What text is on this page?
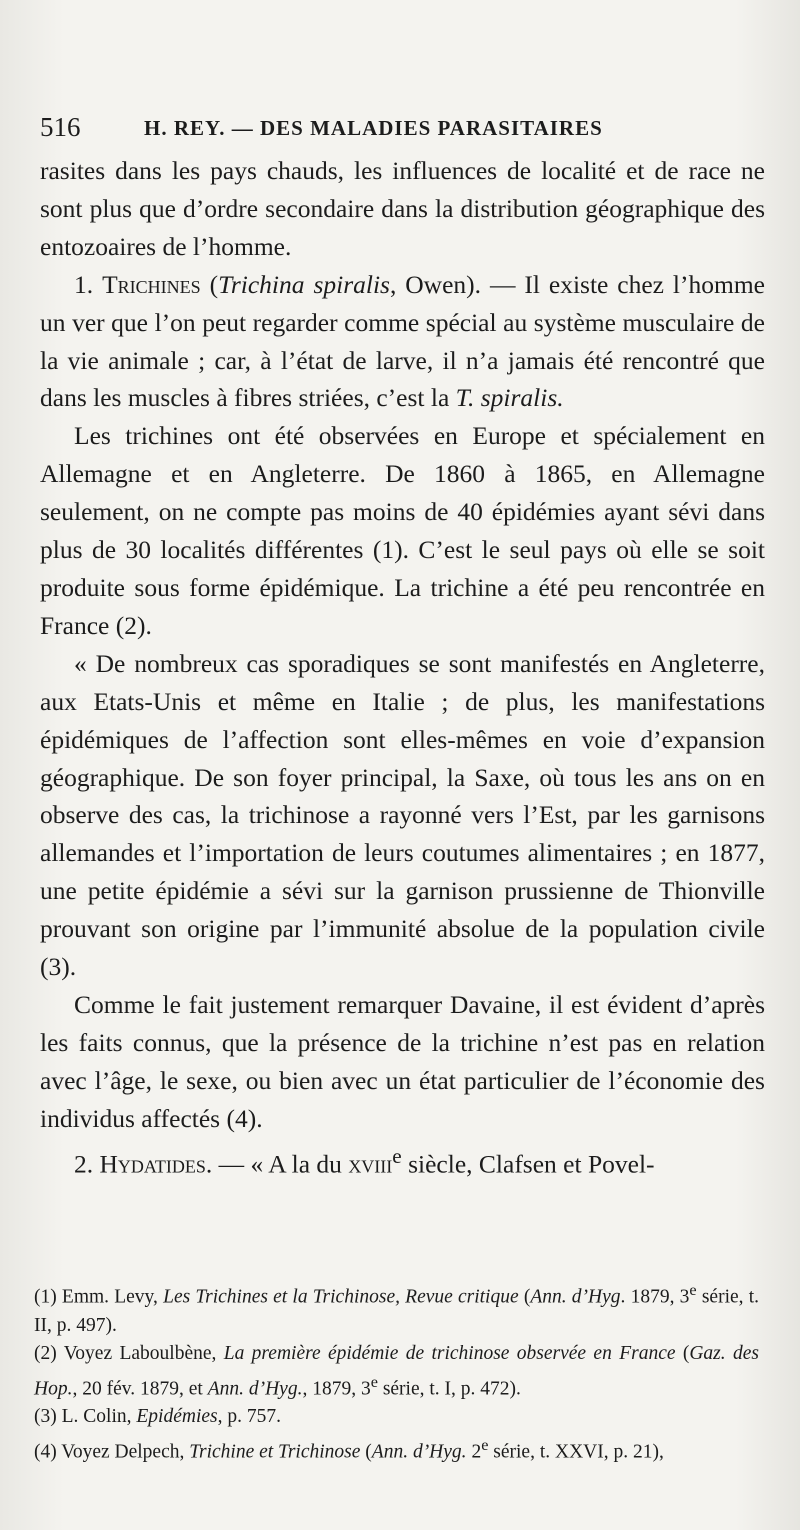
516	H. REY. — DES MALADIES PARASITAIRES

rasites dans les pays chauds, les influences de localité et de race ne sont plus que d’ordre secondaire dans la distribution géographique des entozoaires de l’homme.

1. Trichines (Trichina spiralis, Owen). — Il existe chez l’homme un ver que l’on peut regarder comme spécial au système musculaire de la vie animale ; car, à l’état de larve, il n’a jamais été rencontré que dans les muscles à fibres striées, c’est la T. spiralis.

Les trichines ont été observées en Europe et spécialement en Allemagne et en Angleterre. De 1860 à 1865, en Allemagne seulement, on ne compte pas moins de 40 épidémies ayant sévi dans plus de 30 localités différentes (1). C’est le seul pays où elle se soit produite sous forme épidémique. La trichine a été peu rencontrée en France (2).

« De nombreux cas sporadiques se sont manifestés en Angleterre, aux Etats-Unis et même en Italie ; de plus, les manifestations épidémiques de l’affection sont elles-mêmes en voie d’expansion géographique. De son foyer principal, la Saxe, où tous les ans on en observe des cas, la trichinose a rayonné vers l’Est, par les garnisons allemandes et l’importation de leurs coutumes alimentaires ; en 1877, une petite épidémie a sévi sur la garnison prussienne de Thionville prouvant son origine par l’immunité absolue de la population civile (3).

Comme le fait justement remarquer Davaine, il est évident d’après les faits connus, que la présence de la trichine n’est pas en relation avec l’âge, le sexe, ou bien avec un état particulier de l’économie des individus affectés (4).

2. Hydatides. — « A la du xviii$^e$ siècle, Clafsen et Povel-

(1) Emm. Levy, Les Trichines et la Trichinose, Revue critique (Ann. d’Hyg. 1879, 3e série, t. II, p. 497).

(2) Voyez Laboulbène, La première épidémie de trichinose observée en France (Gaz. des Hop., 20 fév. 1879, et Ann. d’Hyg., 1879, 3e série, t. I, p. 472).

(3) L. Colin, Epidémies, p. 757.

(4) Voyez Delpech, Trichine et Trichinose (Ann. d’Hyg. 2e série, t. XXVI, p. 21),
